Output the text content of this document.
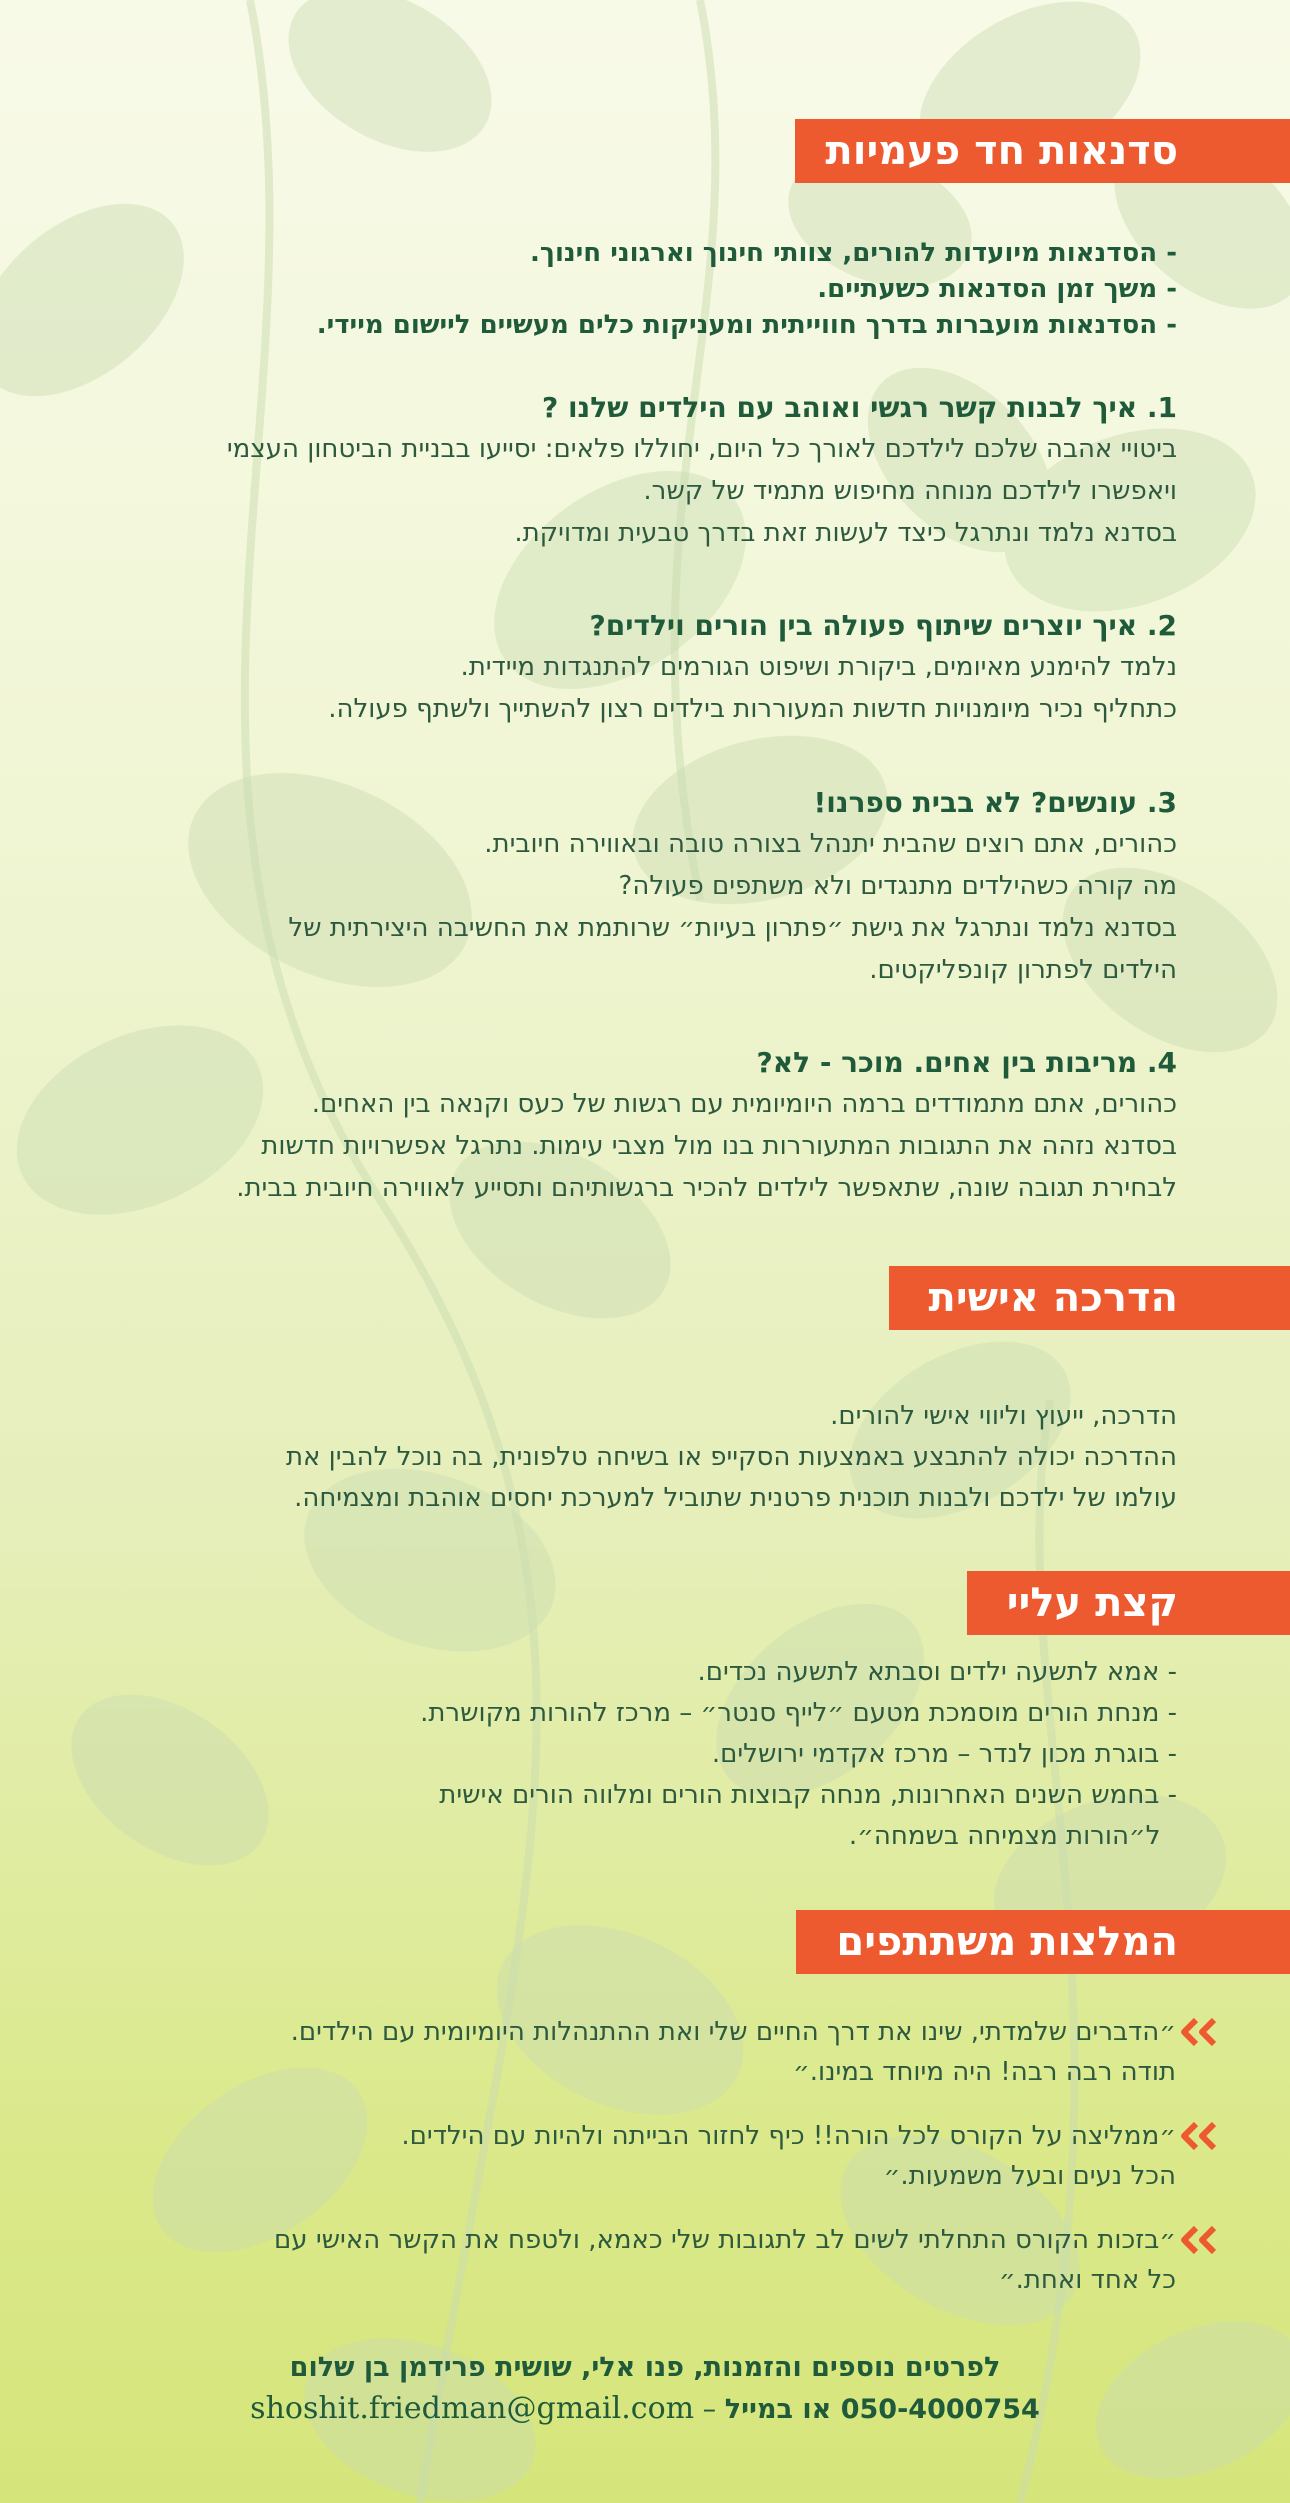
סדנאות חד פעמיות

- הסדנאות מיועדות להורים, צוותי חינוך וארגוני חינוך.

- משך זמן הסדנאות כשעתיים.

- הסדנאות מועברות בדרך חווייתית ומעניקות כלים מעשיים ליישום מיידי.

1. איך לבנות קשר רגשי ואוהב עם הילדים שלנו ?

ביטויי אהבה שלכם לילדכם לאורך כל היום, יחוללו פלאים: יסייעו בבניית הביטחון העצמי

ויאפשרו לילדכם מנוחה מחיפוש מתמיד של קשר.

בסדנא נלמד ונתרגל כיצד לעשות זאת בדרך טבעית ומדויקת.

2. איך יוצרים שיתוף פעולה בין הורים וילדים?

נלמד להימנע מאיומים, ביקורת ושיפוט הגורמים להתנגדות מיידית.

כתחליף נכיר מיומנויות חדשות המעוררות בילדים רצון להשתייך ולשתף פעולה.

3. עונשים? לא בבית ספרנו!

כהורים, אתם רוצים שהבית יתנהל בצורה טובה ובאווירה חיובית.

מה קורה כשהילדים מתנגדים ולא משתפים פעולה?

בסדנא נלמד ונתרגל את גישת ״פתרון בעיות״ שרותמת את החשיבה היצירתית של

הילדים לפתרון קונפליקטים.

4. מריבות בין אחים. מוכר - לא?

כהורים, אתם מתמודדים ברמה היומיומית עם רגשות של כעס וקנאה בין האחים.

בסדנא נזהה את התגובות המתעוררות בנו מול מצבי עימות. נתרגל אפשרויות חדשות

לבחירת תגובה שונה, שתאפשר לילדים להכיר ברגשותיהם ותסייע לאווירה חיובית בבית.

הדרכה אישית

הדרכה, ייעוץ וליווי אישי להורים.

ההדרכה יכולה להתבצע באמצעות הסקייפ או בשיחה טלפונית, בה נוכל להבין את

עולמו של ילדכם ולבנות תוכנית פרטנית שתוביל למערכת יחסים אוהבת ומצמיחה.

קצת עליי

- אמא לתשעה ילדים וסבתא לתשעה נכדים.

- מנחת הורים מוסמכת מטעם ״לייף סנטר״ – מרכז להורות מקושרת.

- בוגרת מכון לנדר – מרכז אקדמי ירושלים.

- בחמש השנים האחרונות, מנחה קבוצות הורים ומלווה הורים אישית

ל״הורות מצמיחה בשמחה״.

המלצות משתתפים

״הדברים שלמדתי, שינו את דרך החיים שלי ואת ההתנהלות היומיומית עם הילדים.

תודה רבה רבה! היה מיוחד במינו.״

״ממליצה על הקורס לכל הורה!! כיף לחזור הבייתה ולהיות עם הילדים.

הכל נעים ובעל משמעות.״

״בזכות הקורס התחלתי לשים לב לתגובות שלי כאמא, ולטפח את הקשר האישי עם

כל אחד ואחת.״

לפרטים נוספים והזמנות, פנו אלי, שושית פרידמן בן שלום
050-4000754 או במייל – shoshit.friedman@gmail.com
